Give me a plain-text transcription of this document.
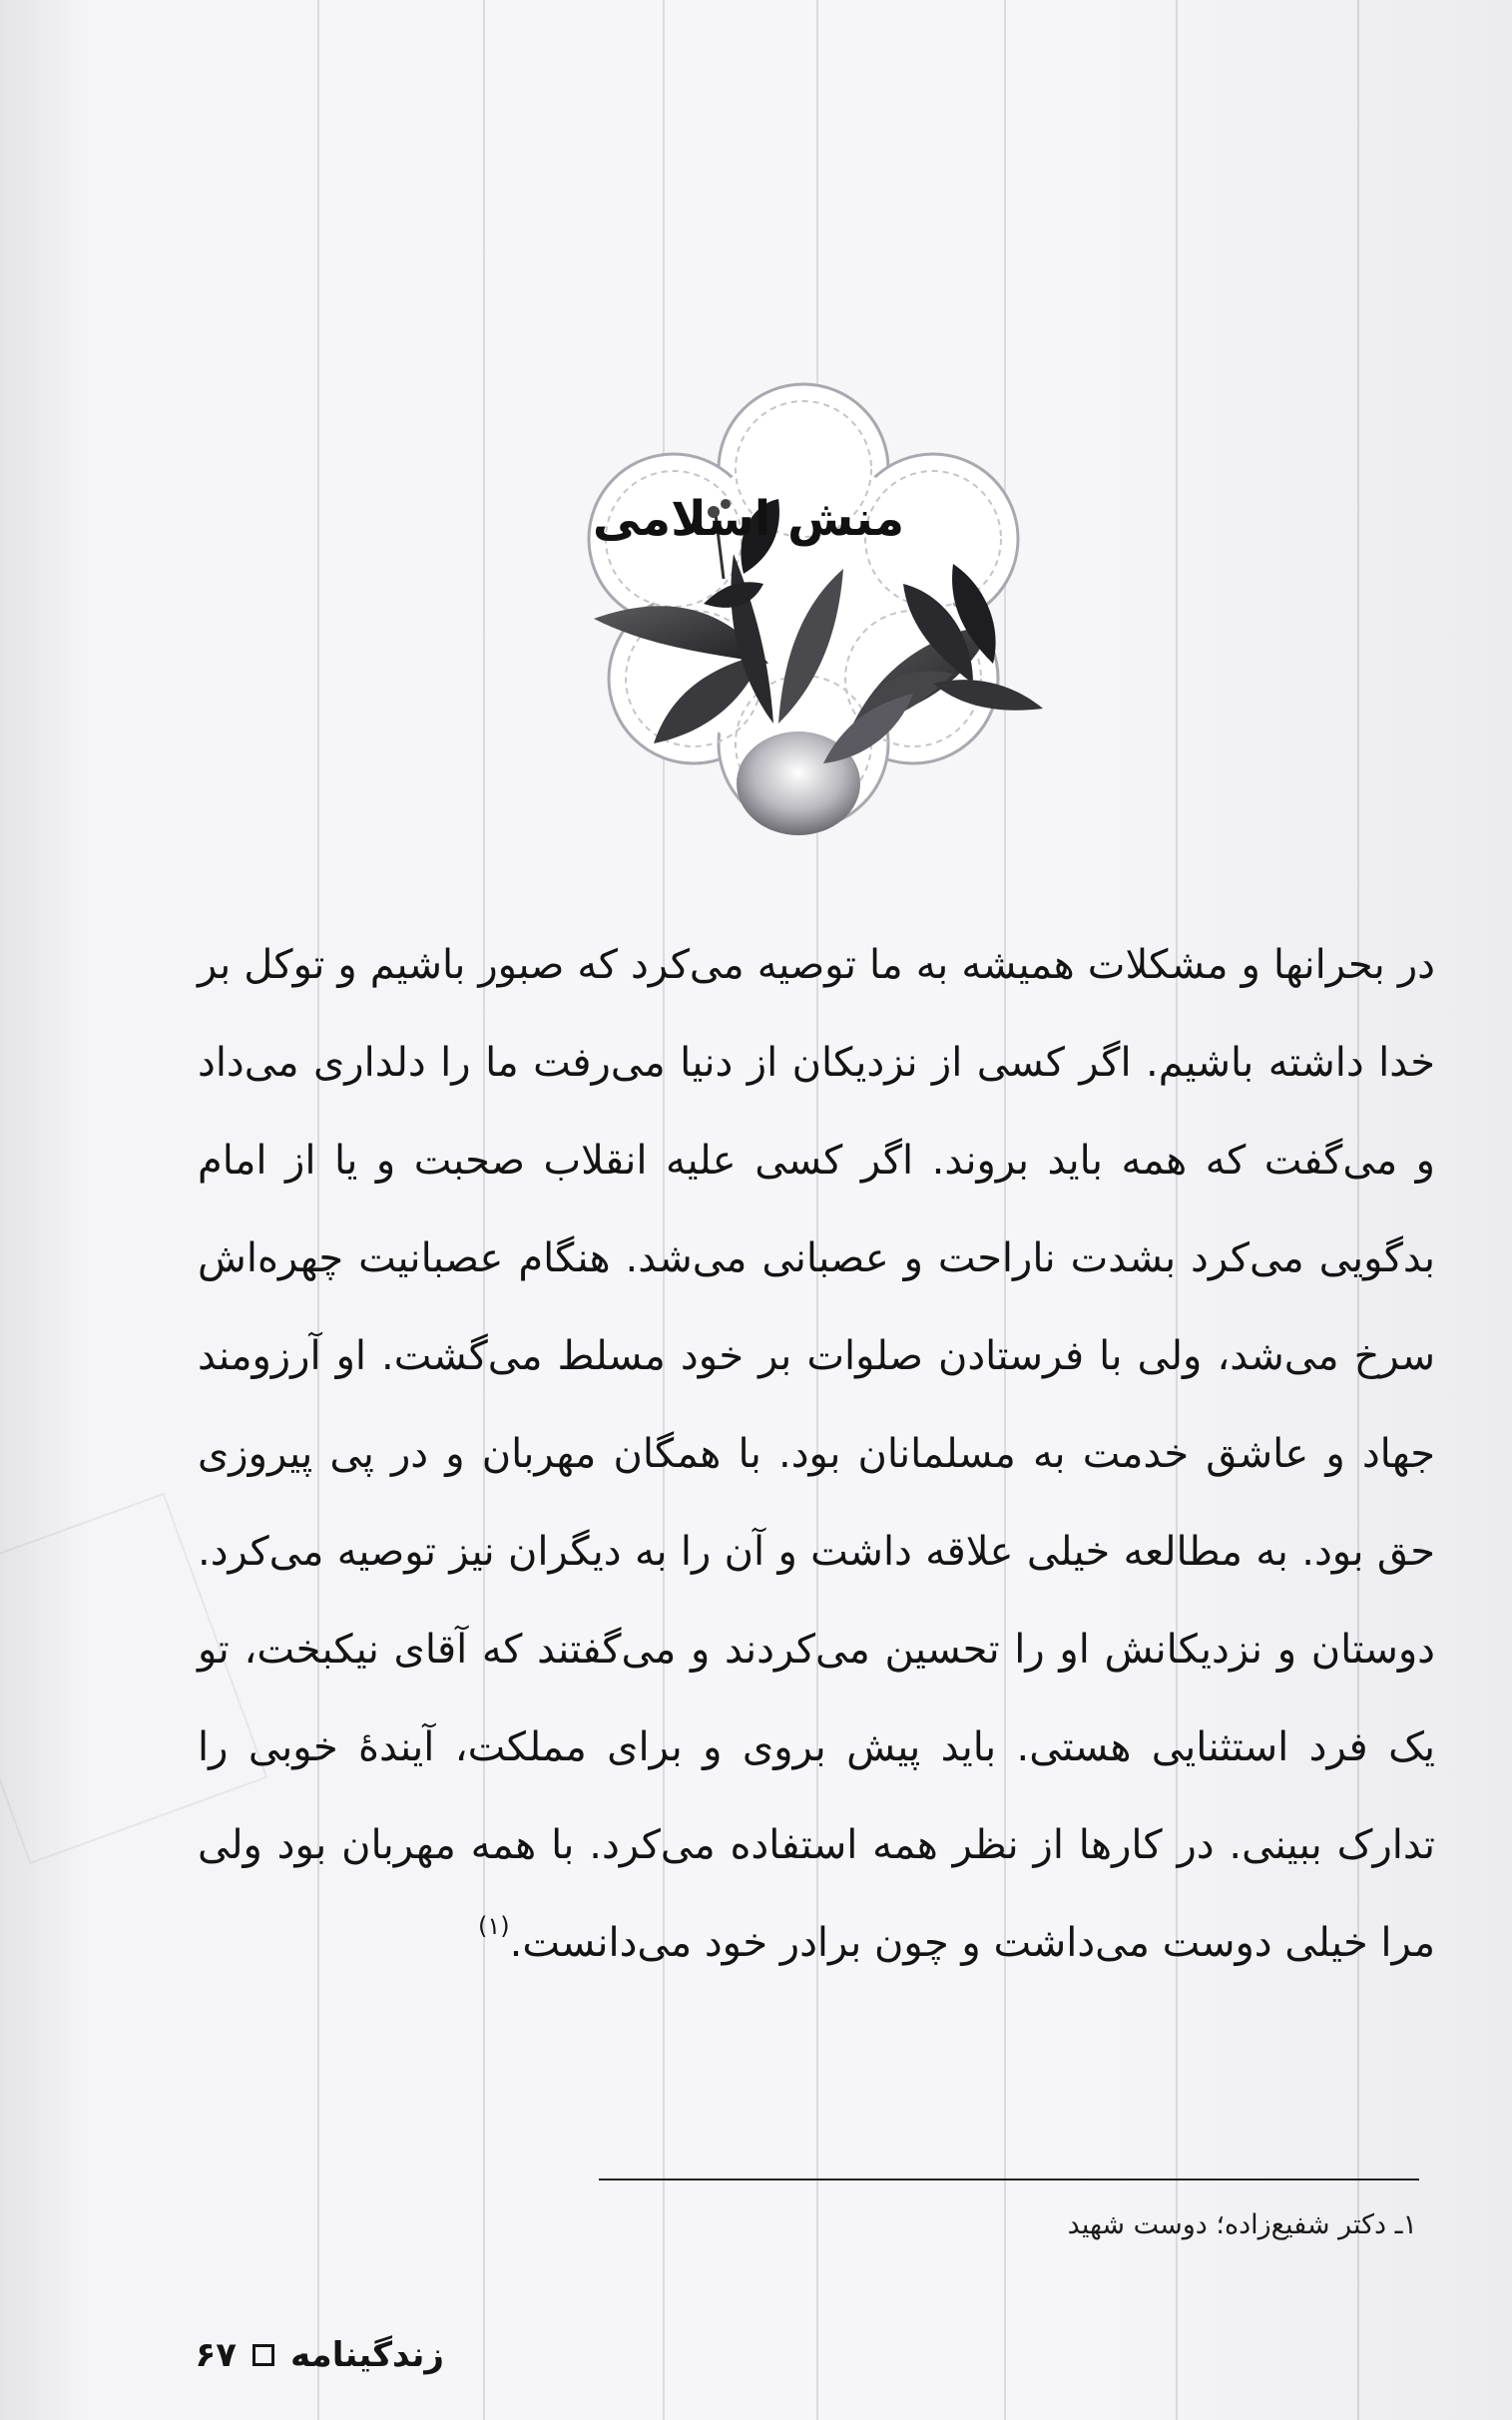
منش اسلامی

در بحرانها و مشکلات همیشه به ما توصیه می‌کرد که صبور باشیم و توکل بر خدا داشته باشیم. اگر کسی از نزدیکان از دنیا می‌رفت ما را دلداری می‌داد و می‌گفت که همه باید بروند. اگر کسی علیه انقلاب صحبت و یا از امام بدگویی می‌کرد بشدت ناراحت و عصبانی می‌شد. هنگام عصبانیت چهره‌اش سرخ می‌شد، ولی با فرستادن صلوات بر خود مسلط می‌گشت. او آرزومند جهاد و عاشق خدمت به مسلمانان بود. با همگان مهربان و در پی پیروزی حق بود. به مطالعه خیلی علاقه داشت و آن را به دیگران نیز توصیه می‌کرد. دوستان و نزدیکانش او را تحسین می‌کردند و می‌گفتند که آقای نیکبخت، تو یک فرد استثنایی هستی. باید پیش بروی و برای مملکت، آیندهٔ خوبی را تدارک ببینی. در کارها از نظر همه استفاده می‌کرد. با همه مهربان بود ولی مرا خیلی دوست می‌داشت و چون برادر خود می‌دانست.$^{(۱)}$

۱ـ دکتر شفیع‌زاده؛ دوست شهید
زندگینامه
۶۷
